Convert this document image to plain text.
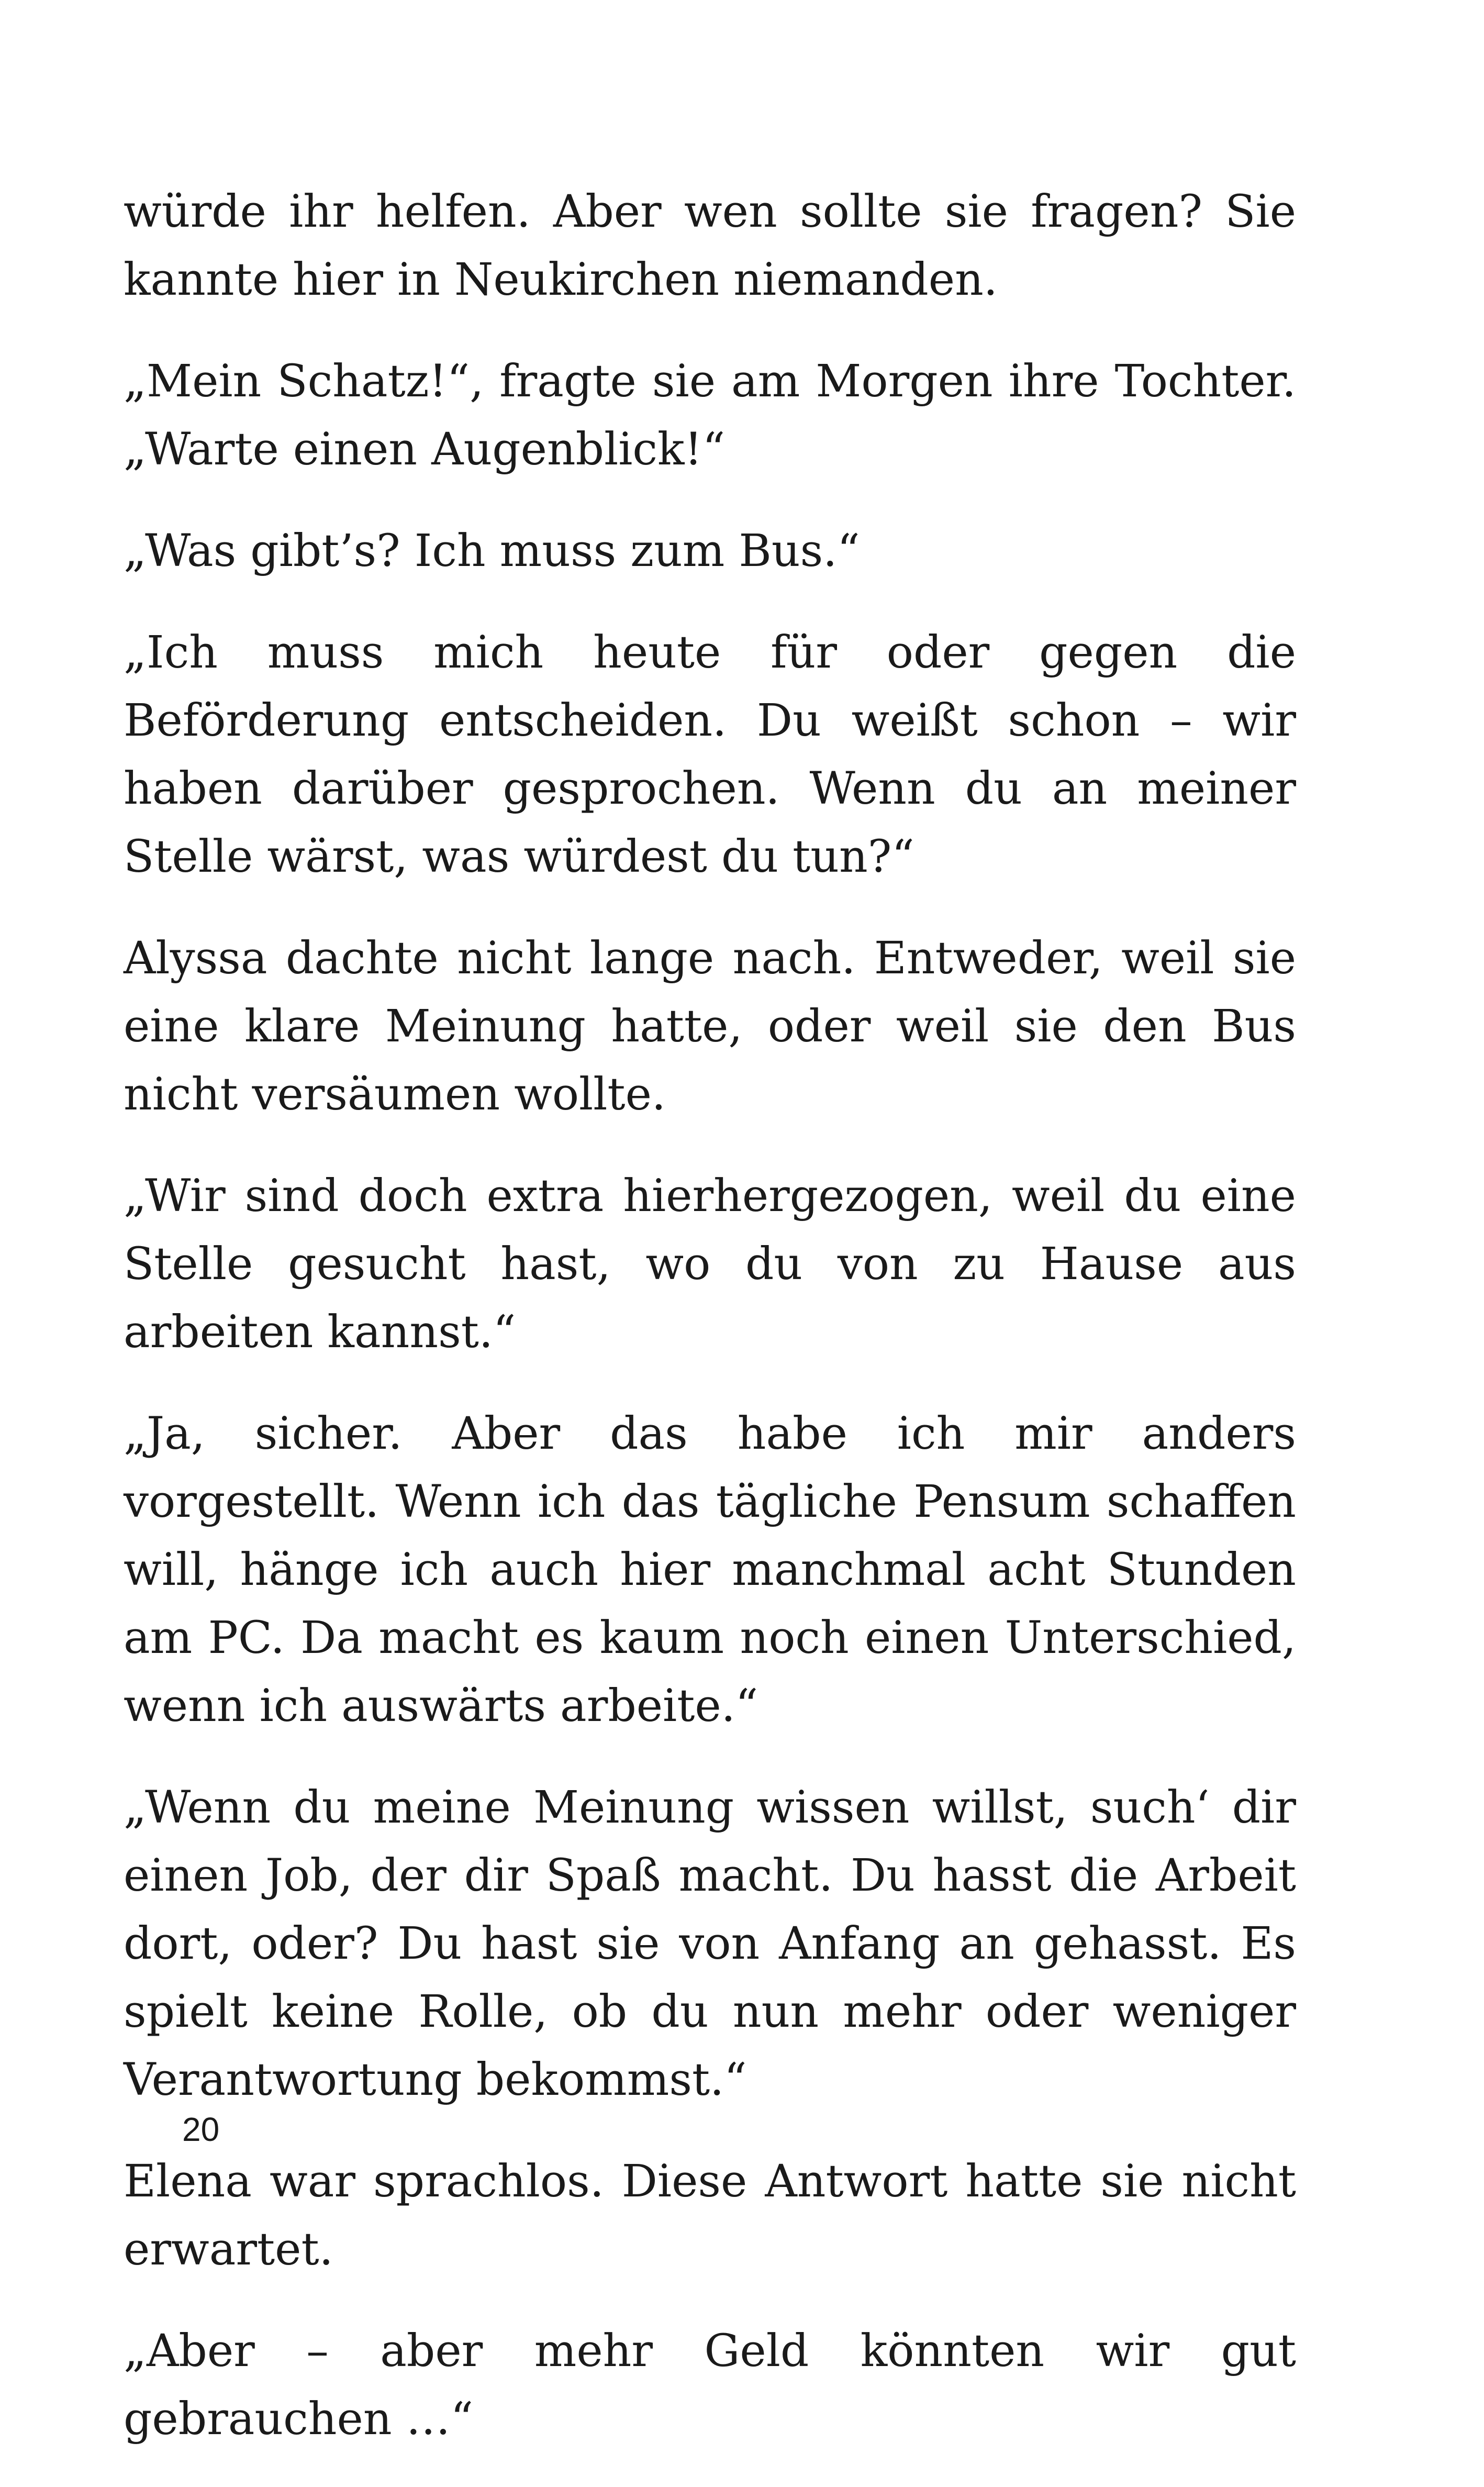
würde ihr helfen. Aber wen sollte sie fragen? Sie kannte hier in Neukirchen niemanden.

„Mein Schatz!“, fragte sie am Morgen ihre Tochter. „Warte einen Augenblick!“

„Was gibt’s? Ich muss zum Bus.“

„Ich muss mich heute für oder gegen die Beförderung entscheiden. Du weißt schon – wir haben darüber gesprochen. Wenn du an meiner Stelle wärst, was würdest du tun?“

Alyssa dachte nicht lange nach. Entweder, weil sie eine klare Meinung hatte, oder weil sie den Bus nicht versäumen wollte.

„Wir sind doch extra hierhergezogen, weil du eine Stelle gesucht hast, wo du von zu Hause aus arbeiten kannst.“

„Ja, sicher. Aber das habe ich mir anders vorgestellt. Wenn ich das tägliche Pensum schaffen will, hänge ich auch hier manchmal acht Stunden am PC. Da macht es kaum noch einen Unterschied, wenn ich auswärts arbeite.“

„Wenn du meine Meinung wissen willst, such‘ dir einen Job, der dir Spaß macht. Du hasst die Arbeit dort, oder? Du hast sie von Anfang an gehasst. Es spielt keine Rolle, ob du nun mehr oder weniger Verantwortung bekommst.“

Elena war sprachlos. Diese Antwort hatte sie nicht erwartet.

„Aber – aber mehr Geld könnten wir gut gebrauchen …“

20
